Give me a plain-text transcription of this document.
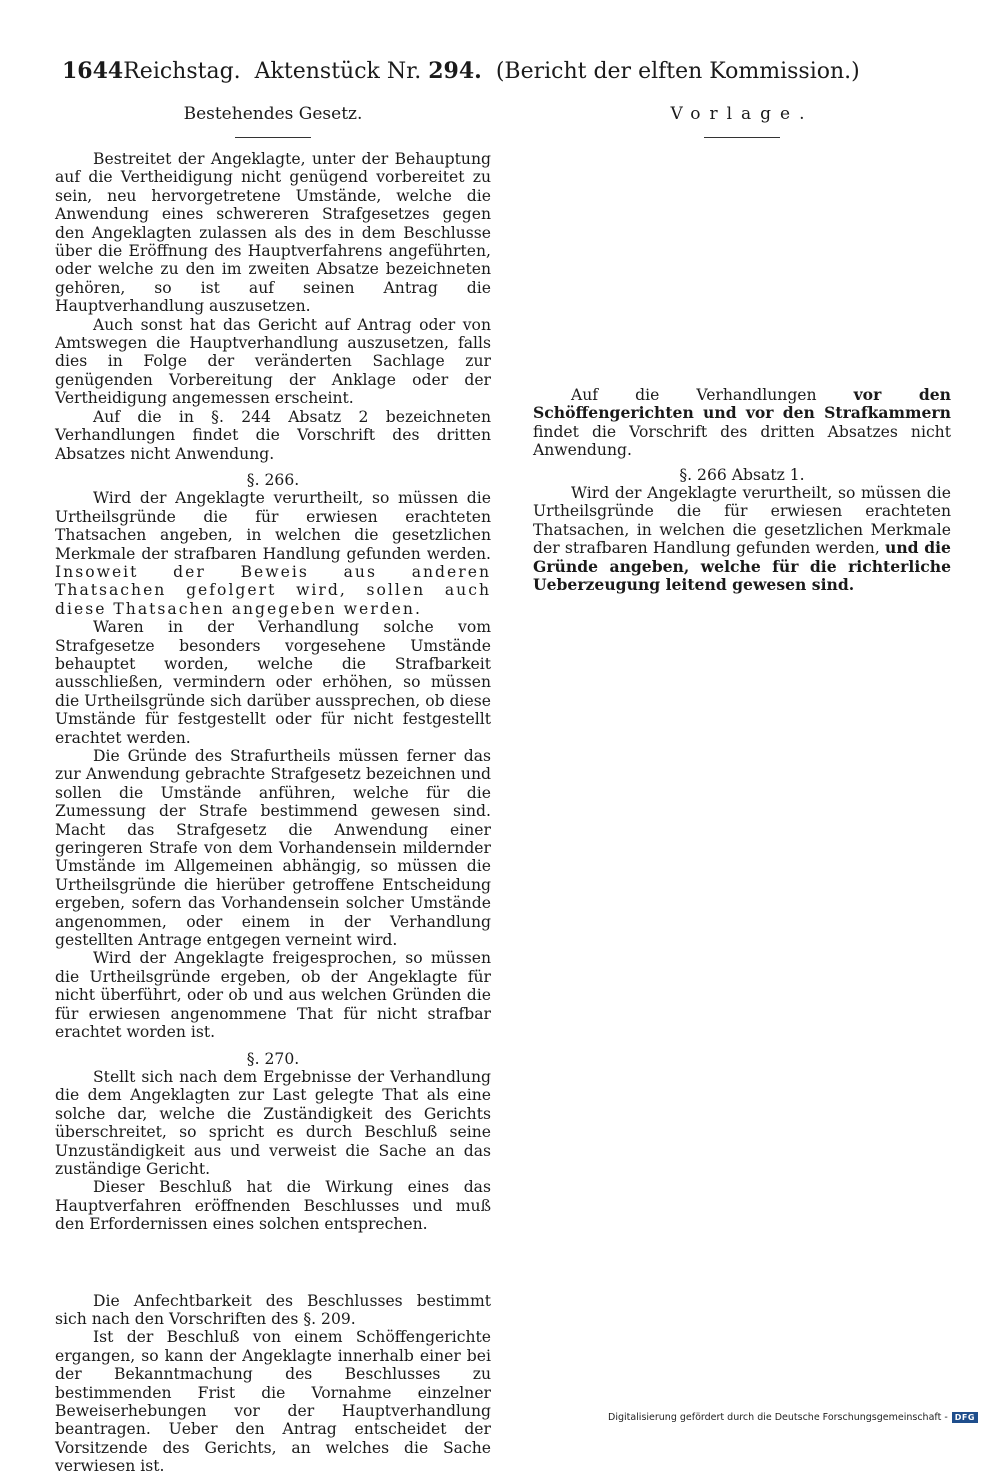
1644 Reichstag. Aktenstück Nr. 294. (Bericht der elften Kommission.)
Bestehendes Gesetz.

Bestreitet der Angeklagte, unter der Behauptung auf die Vertheidigung nicht genügend vorbereitet zu sein, neu hervorgetretene Umstände, welche die Anwendung eines schwereren Strafgesetzes gegen den Angeklagten zulassen als des in dem Beschlusse über die Eröffnung des Hauptverfahrens angeführten, oder welche zu den im zweiten Absatze bezeichneten gehören, so ist auf seinen Antrag die Hauptverhandlung auszusetzen.

Auch sonst hat das Gericht auf Antrag oder von Amtswegen die Hauptverhandlung auszusetzen, falls dies in Folge der veränderten Sachlage zur genügenden Vorbereitung der Anklage oder der Vertheidigung angemessen erscheint.

Auf die in §. 244 Absatz 2 bezeichneten Verhandlungen findet die Vorschrift des dritten Absatzes nicht Anwendung.

§. 266.

Wird der Angeklagte verurtheilt, so müssen die Urtheilsgründe die für erwiesen erachteten Thatsachen angeben, in welchen die gesetzlichen Merkmale der strafbaren Handlung gefunden werden. Insoweit der Beweis aus anderen Thatsachen gefolgert wird, sollen auch diese Thatsachen angegeben werden.

Waren in der Verhandlung solche vom Strafgesetze besonders vorgesehene Umstände behauptet worden, welche die Strafbarkeit ausschließen, vermindern oder erhöhen, so müssen die Urtheilsgründe sich darüber aussprechen, ob diese Umstände für festgestellt oder für nicht festgestellt erachtet werden.

Die Gründe des Strafurtheils müssen ferner das zur Anwendung gebrachte Strafgesetz bezeichnen und sollen die Umstände anführen, welche für die Zumessung der Strafe bestimmend gewesen sind. Macht das Strafgesetz die Anwendung einer geringeren Strafe von dem Vorhandensein mildernder Umstände im Allgemeinen abhängig, so müssen die Urtheilsgründe die hierüber getroffene Entscheidung ergeben, sofern das Vorhandensein solcher Umstände angenommen, oder einem in der Verhandlung gestellten Antrage entgegen verneint wird.

Wird der Angeklagte freigesprochen, so müssen die Urtheilsgründe ergeben, ob der Angeklagte für nicht überführt, oder ob und aus welchen Gründen die für erwiesen angenommene That für nicht strafbar erachtet worden ist.

§. 270.

Stellt sich nach dem Ergebnisse der Verhandlung die dem Angeklagten zur Last gelegte That als eine solche dar, welche die Zuständigkeit des Gerichts überschreitet, so spricht es durch Beschluß seine Unzuständigkeit aus und verweist die Sache an das zuständige Gericht.

Dieser Beschluß hat die Wirkung eines das Hauptverfahren eröffnenden Beschlusses und muß den Erfordernissen eines solchen entsprechen.

Die Anfechtbarkeit des Beschlusses bestimmt sich nach den Vorschriften des §. 209.

Ist der Beschluß von einem Schöffengerichte ergangen, so kann der Angeklagte innerhalb einer bei der Bekanntmachung des Beschlusses zu bestimmenden Frist die Vornahme einzelner Beweiserhebungen vor der Hauptverhandlung beantragen. Ueber den Antrag entscheidet der Vorsitzende des Gerichts, an welches die Sache verwiesen ist.

Vorlage.

Auf die Verhandlungen vor den Schöffengerichten und vor den Strafkammern findet die Vorschrift des dritten Absatzes nicht Anwendung.

§. 266 Absatz 1.

Wird der Angeklagte verurtheilt, so müssen die Urtheilsgründe die für erwiesen erachteten Thatsachen, in welchen die gesetzlichen Merkmale der strafbaren Handlung gefunden werden, und die Gründe angeben, welche für die richterliche Ueberzeugung leitend gewesen sind.

Digitalisierung gefördert durch die Deutsche Forschungsgemeinschaft - DFG
